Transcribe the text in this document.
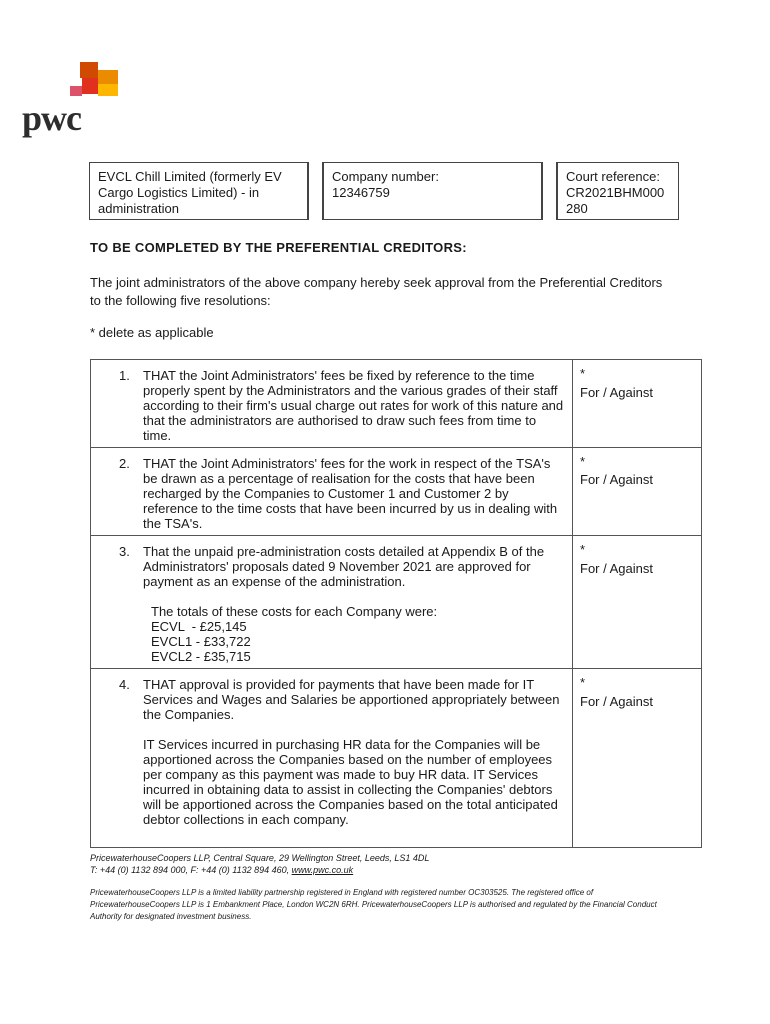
pwc
EVCL Chill Limited (formerly EV Cargo Logistics Limited) - in administration
Company number:
12346759
Court reference:
CR2021BHM000 280
TO BE COMPLETED BY THE PREFERENTIAL CREDITORS:
The joint administrators of the above company hereby seek approval from the Preferential Creditors to the following five resolutions:
* delete as applicable
1. THAT the Joint Administrators' fees be fixed by reference to the time properly spent by the Administrators and the various grades of their staff according to their firm's usual charge out rates for work of this nature and that the administrators are authorised to draw such fees from time to time.
*
For / Against
2. THAT the Joint Administrators' fees for the work in respect of the TSA's be drawn as a percentage of realisation for the costs that have been recharged by the Companies to Customer 1 and Customer 2 by reference to the time costs that have been incurred by us in dealing with the TSA's.
*
For / Against
3. That the unpaid pre-administration costs detailed at Appendix B of the Administrators' proposals dated 9 November 2021 are approved for payment as an expense of the administration.
The totals of these costs for each Company were:
ECVL  - £25,145
EVCL1 - £33,722
EVCL2 - £35,715
*
For / Against
4. THAT approval is provided for payments that have been made for IT Services and Wages and Salaries be apportioned appropriately between the Companies.
IT Services incurred in purchasing HR data for the Companies will be apportioned across the Companies based on the number of employees per company as this payment was made to buy HR data. IT Services incurred in obtaining data to assist in collecting the Companies' debtors will be apportioned across the Companies based on the total anticipated debtor collections in each company.
*
For / Against
PricewaterhouseCoopers LLP, Central Square, 29 Wellington Street, Leeds, LS1 4DL
T: +44 (0) 1132 894 000, F: +44 (0) 1132 894 460, www.pwc.co.uk
PricewaterhouseCoopers LLP is a limited liability partnership registered in England with registered number OC303525. The registered office of PricewaterhouseCoopers LLP is 1 Embankment Place, London WC2N 6RH. PricewaterhouseCoopers LLP is authorised and regulated by the Financial Conduct Authority for designated investment business.
